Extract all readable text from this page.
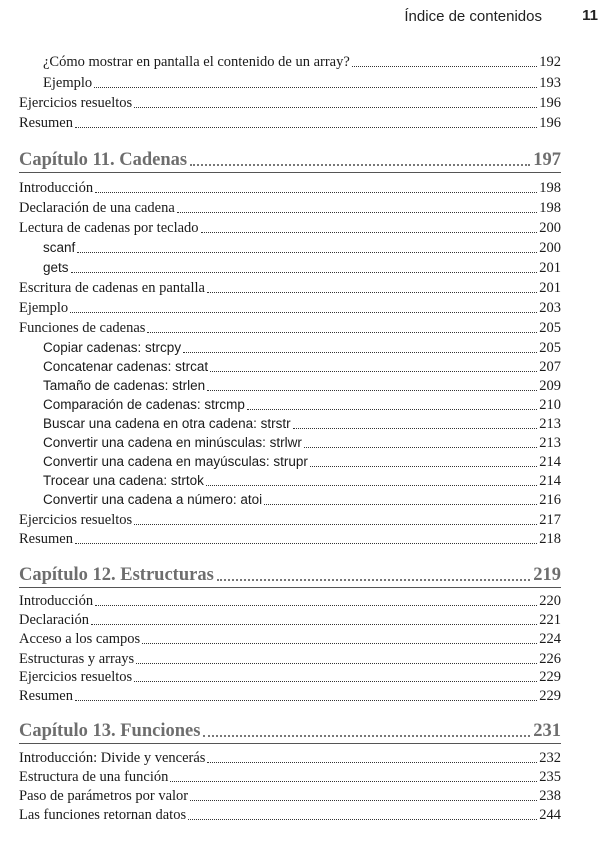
Índice de contenidos	11
¿Cómo mostrar en pantalla el contenido de un array?	192
Ejemplo	193
Ejercicios resueltos	196
Resumen	196
Capítulo 11. Cadenas	197
Introducción	198
Declaración de una cadena	198
Lectura de cadenas por teclado	200
scanf	200
gets	201
Escritura de cadenas en pantalla	201
Ejemplo	203
Funciones de cadenas	205
Copiar cadenas: strcpy	205
Concatenar cadenas: strcat	207
Tamaño de cadenas: strlen	209
Comparación de cadenas: strcmp	210
Buscar una cadena en otra cadena: strstr	213
Convertir una cadena en minúsculas: strlwr	213
Convertir una cadena en mayúsculas: strupr	214
Trocear una cadena: strtok	214
Convertir una cadena a número: atoi	216
Ejercicios resueltos	217
Resumen	218
Capítulo 12. Estructuras	219
Introducción	220
Declaración	221
Acceso a los campos	224
Estructuras y arrays	226
Ejercicios resueltos	229
Resumen	229
Capítulo 13. Funciones	231
Introducción: Divide y vencerás	232
Estructura de una función	235
Paso de parámetros por valor	238
Las funciones retornan datos	244
